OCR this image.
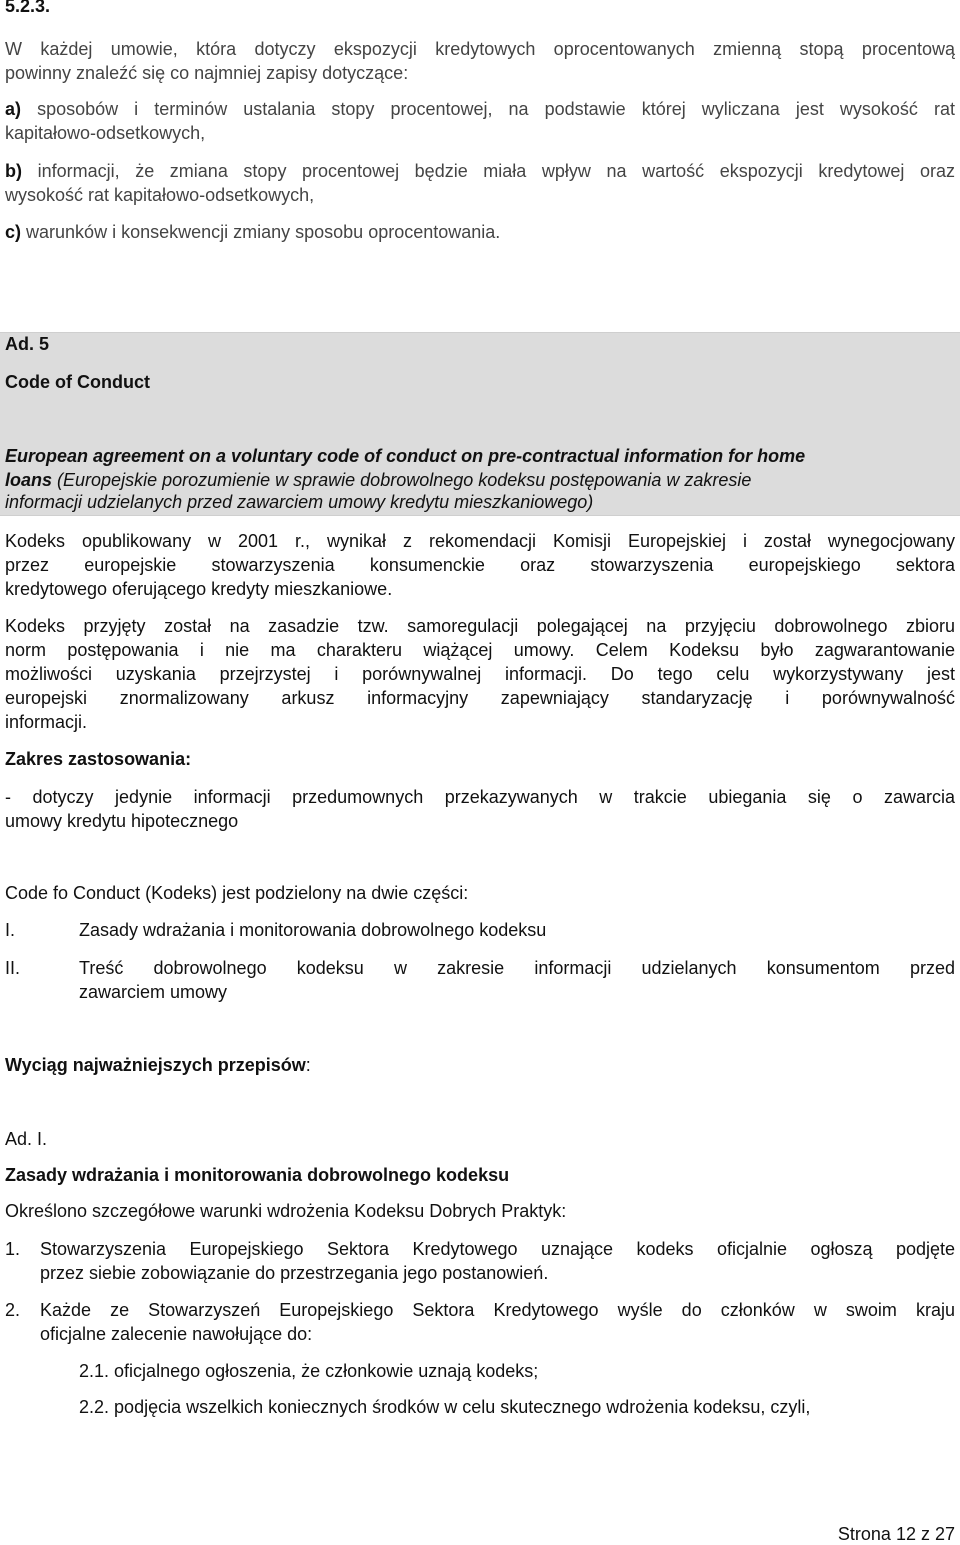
5.2.3.
W każdej umowie, która dotyczy ekspozycji kredytowych oprocentowanych zmienną stopą procentową
powinny znaleźć się co najmniej zapisy dotyczące:
a) sposobów i terminów ustalania stopy procentowej, na podstawie której wyliczana jest wysokość rat
kapitałowo-odsetkowych,
b) informacji, że zmiana stopy procentowej będzie miała wpływ na wartość ekspozycji kredytowej oraz
wysokość rat kapitałowo-odsetkowych,
c) warunków i konsekwencji zmiany sposobu oprocentowania.
Ad. 5
Code of Conduct
European agreement on a voluntary code of conduct on pre-contractual information for home
loans (Europejskie porozumienie w sprawie dobrowolnego kodeksu postępowania w zakresie
informacji udzielanych przed zawarciem umowy kredytu mieszkaniowego)
Kodeks opublikowany w 2001 r., wynikał z rekomendacji Komisji Europejskiej i został wynegocjowany
przez europejskie stowarzyszenia konsumenckie oraz stowarzyszenia europejskiego sektora
kredytowego oferującego kredyty mieszkaniowe.
Kodeks przyjęty został na zasadzie tzw. samoregulacji polegającej na przyjęciu dobrowolnego zbioru
norm postępowania i nie ma charakteru wiążącej umowy. Celem Kodeksu było zagwarantowanie
możliwości uzyskania przejrzystej i porównywalnej informacji. Do tego celu wykorzystywany jest
europejski znormalizowany arkusz informacyjny zapewniający standaryzację i porównywalność
informacji.
Zakres zastosowania:
- dotyczy jedynie informacji przedumownych przekazywanych w trakcie ubiegania się o zawarcia
umowy kredytu hipotecznego
Code fo Conduct (Kodeks) jest podzielony na dwie części:
I.	Zasady wdrażania i monitorowania dobrowolnego kodeksu
II.	Treść dobrowolnego kodeksu w zakresie informacji udzielanych konsumentom przed
zawarciem umowy
Wyciąg najważniejszych przepisów:
Ad. I.
Zasady wdrażania i monitorowania dobrowolnego kodeksu
Określono szczegółowe warunki wdrożenia Kodeksu Dobrych Praktyk:
1. Stowarzyszenia Europejskiego Sektora Kredytowego uznające kodeks oficjalnie ogłoszą podjęte
przez siebie zobowiązanie do przestrzegania jego postanowień.
2. Każde ze Stowarzyszeń Europejskiego Sektora Kredytowego wyśle do członków w swoim kraju
oficjalne zalecenie nawołujące do:
2.1. oficjalnego ogłoszenia, że członkowie uznają kodeks;
2.2. podjęcia wszelkich koniecznych środków w celu skutecznego wdrożenia kodeksu, czyli,
Strona 12 z 27
